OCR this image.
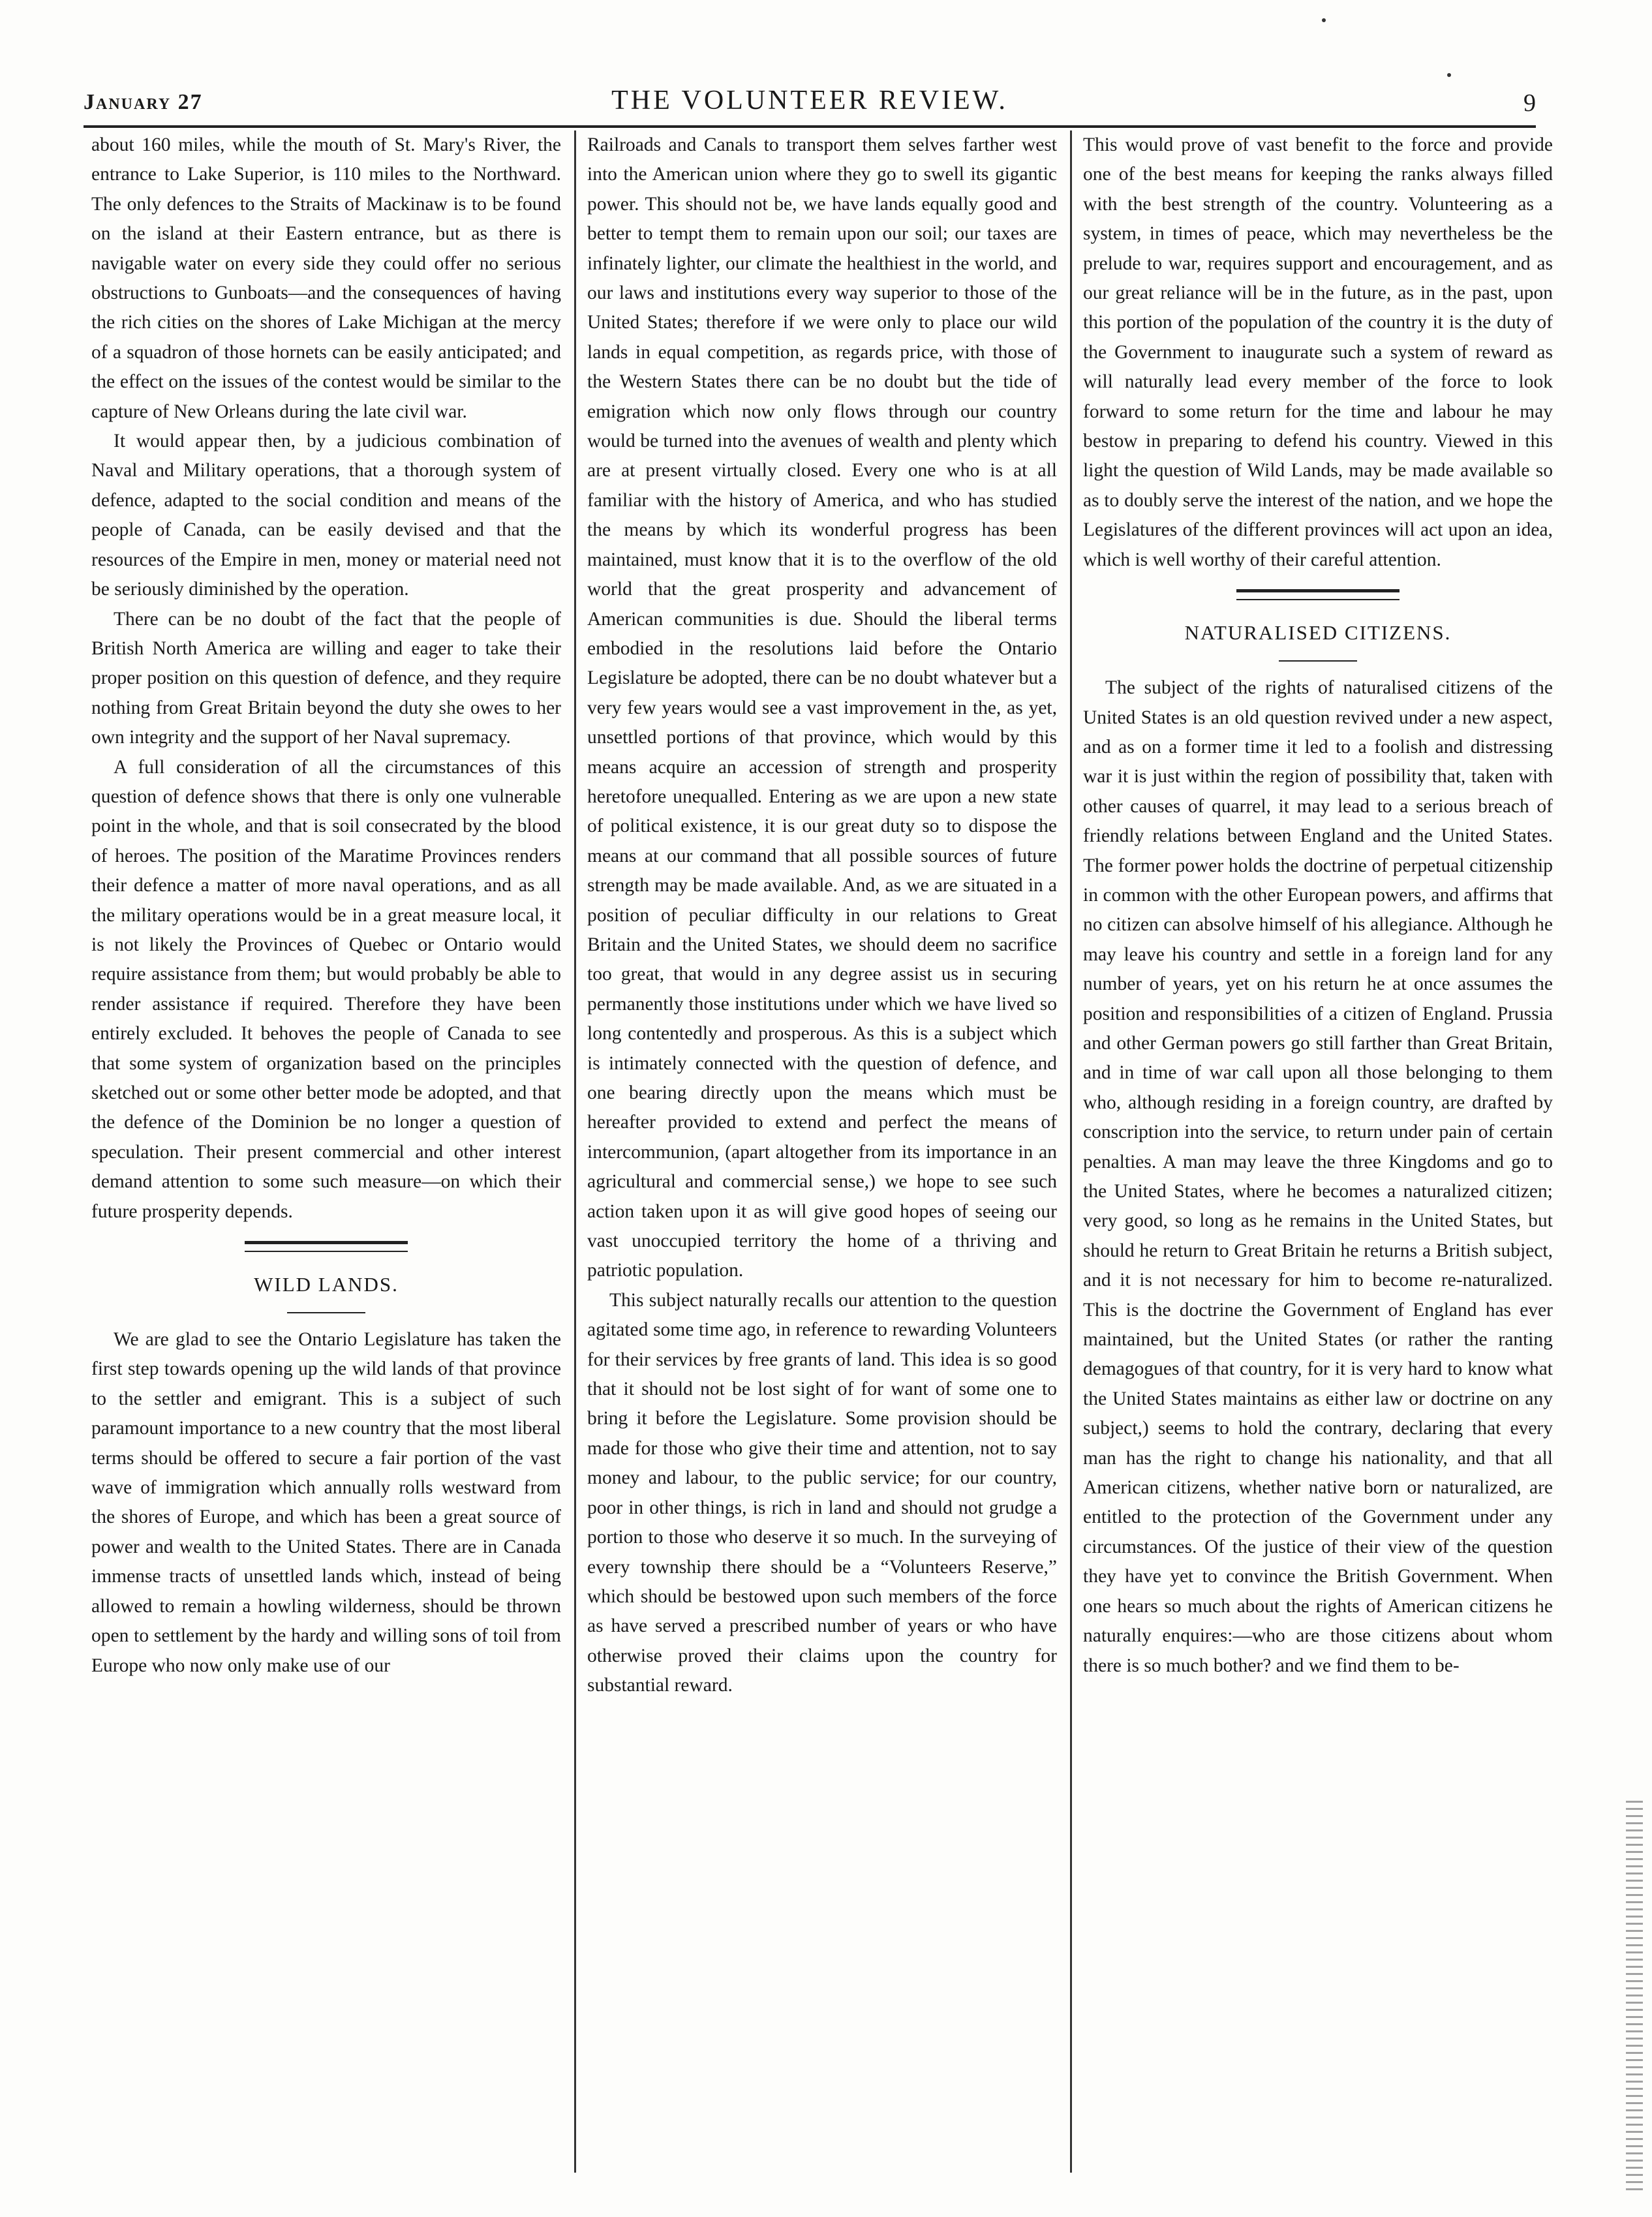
January 27	THE VOLUNTEER REVIEW.	9

about 160 miles, while the mouth of St. Mary's River, the entrance to Lake Superior, is 110 miles to the Northward. The only defences to the Straits of Mackinaw is to be found on the island at their Eastern entrance, but as there is navigable water on every side they could offer no serious obstructions to Gunboats—and the consequences of having the rich cities on the shores of Lake Michigan at the mercy of a squadron of those hornets can be easily anticipated; and the effect on the issues of the contest would be similar to the capture of New Orleans during the late civil war.

It would appear then, by a judicious combination of Naval and Military operations, that a thorough system of defence, adapted to the social condition and means of the people of Canada, can be easily devised and that the resources of the Empire in men, money or material need not be seriously diminished by the operation.

There can be no doubt of the fact that the people of British North America are willing and eager to take their proper position on this question of defence, and they require nothing from Great Britain beyond the duty she owes to her own integrity and the support of her Naval supremacy.

A full consideration of all the circumstances of this question of defence shows that there is only one vulnerable point in the whole, and that is soil consecrated by the blood of heroes. The position of the Maratime Provinces renders their defence a matter of more naval operations, and as all the military operations would be in a great measure local, it is not likely the Provinces of Quebec or Ontario would require assistance from them; but would probably be able to render assistance if required. Therefore they have been entirely excluded. It behoves the people of Canada to see that some system of organization based on the principles sketched out or some other better mode be adopted, and that the defence of the Dominion be no longer a question of speculation. Their present commercial and other interest demand attention to some such measure—on which their future prosperity depends.

WILD LANDS.

We are glad to see the Ontario Legislature has taken the first step towards opening up the wild lands of that province to the settler and emigrant. This is a subject of such paramount importance to a new country that the most liberal terms should be offered to secure a fair portion of the vast wave of immigration which annually rolls westward from the shores of Europe, and which has been a great source of power and wealth to the United States. There are in Canada immense tracts of unsettled lands which, instead of being allowed to remain a howling wilderness, should be thrown open to settlement by the hardy and willing sons of toil from Europe who now only make use of our

Railroads and Canals to transport them selves farther west into the American union where they go to swell its gigantic power. This should not be, we have lands equally good and better to tempt them to remain upon our soil; our taxes are infinately lighter, our climate the healthiest in the world, and our laws and institutions every way superior to those of the United States; therefore if we were only to place our wild lands in equal competition, as regards price, with those of the Western States there can be no doubt but the tide of emigration which now only flows through our country would be turned into the avenues of wealth and plenty which are at present virtually closed. Every one who is at all familiar with the history of America, and who has studied the means by which its wonderful progress has been maintained, must know that it is to the overflow of the old world that the great prosperity and advancement of American communities is due. Should the liberal terms embodied in the resolutions laid before the Ontario Legislature be adopted, there can be no doubt whatever but a very few years would see a vast improvement in the, as yet, unsettled portions of that province, which would by this means acquire an accession of strength and prosperity heretofore unequalled. Entering as we are upon a new state of political existence, it is our great duty so to dispose the means at our command that all possible sources of future strength may be made available. And, as we are situated in a position of peculiar difficulty in our relations to Great Britain and the United States, we should deem no sacrifice too great, that would in any degree assist us in securing permanently those institutions under which we have lived so long contentedly and prosperous. As this is a subject which is intimately connected with the question of defence, and one bearing directly upon the means which must be hereafter provided to extend and perfect the means of intercommunion, (apart altogether from its importance in an agricultural and commercial sense,) we hope to see such action taken upon it as will give good hopes of seeing our vast unoccupied territory the home of a thriving and patriotic population.

This subject naturally recalls our attention to the question agitated some time ago, in reference to rewarding Volunteers for their services by free grants of land. This idea is so good that it should not be lost sight of for want of some one to bring it before the Legislature. Some provision should be made for those who give their time and attention, not to say money and labour, to the public service; for our country, poor in other things, is rich in land and should not grudge a portion to those who deserve it so much. In the surveying of every township there should be a “Volunteers Reserve,” which should be bestowed upon such members of the force as have served a prescribed number of years or who have otherwise proved their claims upon the country for substantial reward.

This would prove of vast benefit to the force and provide one of the best means for keeping the ranks always filled with the best strength of the country. Volunteering as a system, in times of peace, which may nevertheless be the prelude to war, requires support and encouragement, and as our great reliance will be in the future, as in the past, upon this portion of the population of the country it is the duty of the Government to inaugurate such a system of reward as will naturally lead every member of the force to look forward to some return for the time and labour he may bestow in preparing to defend his country. Viewed in this light the question of Wild Lands, may be made available so as to doubly serve the interest of the nation, and we hope the Legislatures of the different provinces will act upon an idea, which is well worthy of their careful attention.

NATURALISED CITIZENS.

The subject of the rights of naturalised citizens of the United States is an old question revived under a new aspect, and as on a former time it led to a foolish and distressing war it is just within the region of possibility that, taken with other causes of quarrel, it may lead to a serious breach of friendly relations between England and the United States. The former power holds the doctrine of perpetual citizenship in common with the other European powers, and affirms that no citizen can absolve himself of his allegiance. Although he may leave his country and settle in a foreign land for any number of years, yet on his return he at once assumes the position and responsibilities of a citizen of England. Prussia and other German powers go still farther than Great Britain, and in time of war call upon all those belonging to them who, although residing in a foreign country, are drafted by conscription into the service, to return under pain of certain penalties. A man may leave the three Kingdoms and go to the United States, where he becomes a naturalized citizen; very good, so long as he remains in the United States, but should he return to Great Britain he returns a British subject, and it is not necessary for him to become re-naturalized. This is the doctrine the Government of England has ever maintained, but the United States (or rather the ranting demagogues of that country, for it is very hard to know what the United States maintains as either law or doctrine on any subject,) seems to hold the contrary, declaring that every man has the right to change his nationality, and that all American citizens, whether native born or naturalized, are entitled to the protection of the Government under any circumstances. Of the justice of their view of the question they have yet to convince the British Government. When one hears so much about the rights of American citizens he naturally enquires:—who are those citizens about whom there is so much bother? and we find them to be-
